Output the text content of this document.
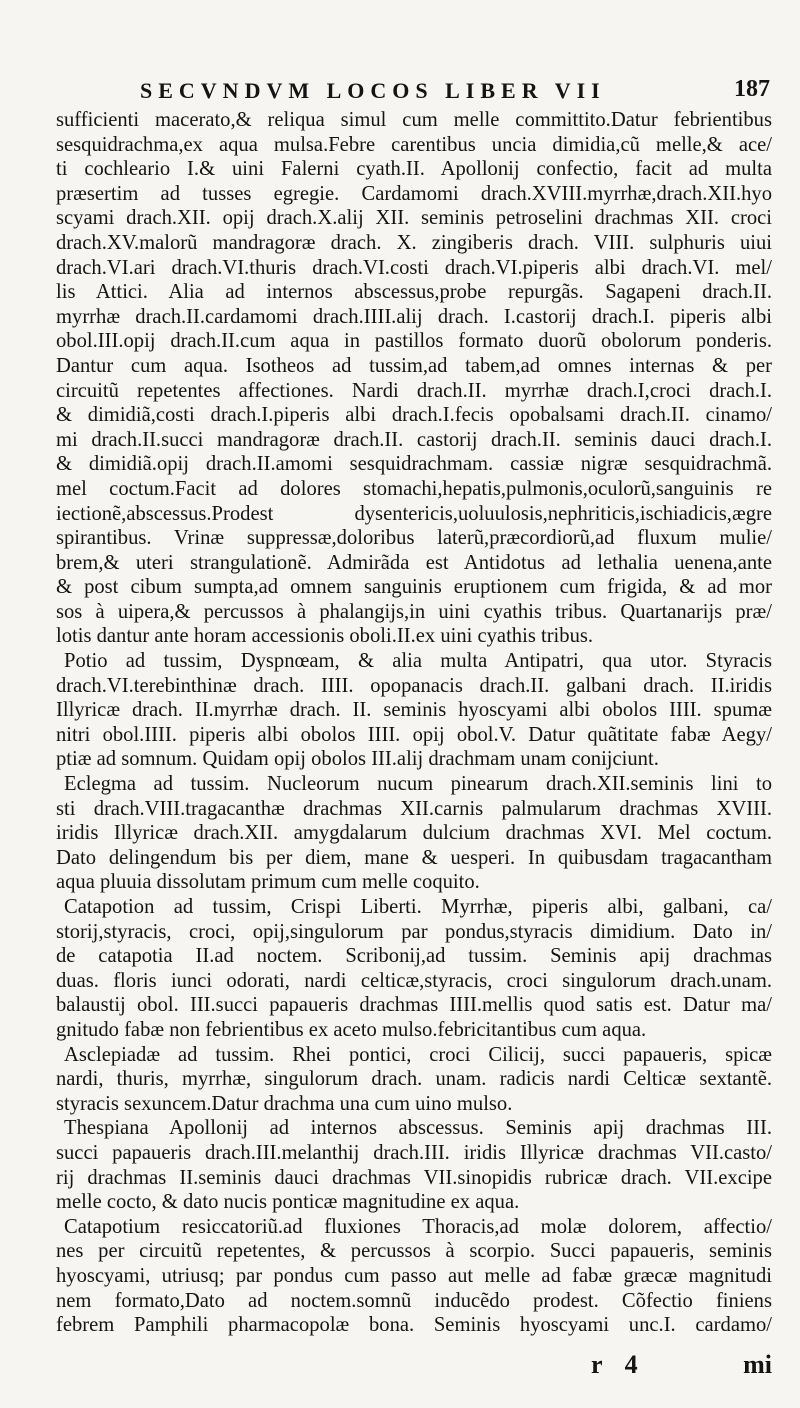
SECVNDVM LOCOS LIBER VII	187
sufficienti macerato,& reliqua simul cum melle committito.Datur febrientibus
sesquidrachma,ex aqua mulsa.Febre carentibus uncia dimidia,cũ melle,& ace/
ti cochleario I.& uini Falerni cyath.II. Apollonij confectio, facit ad multa
præsertim ad tusses egregie. Cardamomi drach.XVIII.myrrhæ,drach.XII.hyo
scyami drach.XII. opij drach.X.alij XII. seminis petroselini drachmas XII. croci
drach.XV.malorũ mandragoræ drach. X. zingiberis drach. VIII. sulphuris uiui
drach.VI.ari drach.VI.thuris drach.VI.costi drach.VI.piperis albi drach.VI. mel/
lis Attici. Alia ad internos abscessus,probe repurgãs. Sagapeni drach.II.
myrrhæ drach.II.cardamomi drach.IIII.alij drach. I.castorij drach.I. piperis albi
obol.III.opij drach.II.cum aqua in pastillos formato duorũ obolorum ponderis.
Dantur cum aqua. Isotheos ad tussim,ad tabem,ad omnes internas & per
circuitũ repetentes affectiones. Nardi drach.II. myrrhæ drach.I,croci drach.I.
& dimidiã,costi drach.I.piperis albi drach.I.fecis opobalsami drach.II. cinamo/
mi drach.II.succi mandragoræ drach.II. castorij drach.II. seminis dauci drach.I.
& dimidiã.opij drach.II.amomi sesquidrachmam. cassiæ nigræ sesquidrachmã.
mel coctum.Facit ad dolores stomachi,hepatis,pulmonis,oculorũ,sanguinis re
iectionẽ,abscessus.Prodest dysentericis,uoluulosis,nephriticis,ischiadicis,ægre
spirantibus. Vrinæ suppressæ,doloribus laterũ,præcordiorũ,ad fluxum mulie/
brem,& uteri strangulationẽ. Admirãda est Antidotus ad lethalia uenena,ante
& post cibum sumpta,ad omnem sanguinis eruptionem cum frigida, & ad mor
sos à uipera,& percussos à phalangijs,in uini cyathis tribus. Quartanarijs præ/
lotis dantur ante horam accessionis oboli.II.ex uini cyathis tribus.
Potio ad tussim, Dyspnœam, & alia multa Antipatri, qua utor. Styracis
drach.VI.terebinthinæ drach. IIII. opopanacis drach.II. galbani drach. II.iridis
Illyricæ drach. II.myrrhæ drach. II. seminis hyoscyami albi obolos IIII. spumæ
nitri obol.IIII. piperis albi obolos IIII. opij obol.V. Datur quãtitate fabæ Aegy/
ptiæ ad somnum. Quidam opij obolos III.alij drachmam unam conijciunt.
Eclegma ad tussim. Nucleorum nucum pinearum drach.XII.seminis lini to
sti drach.VIII.tragacanthæ drachmas XII.carnis palmularum drachmas XVIII.
iridis Illyricæ drach.XII. amygdalarum dulcium drachmas XVI. Mel coctum.
Dato delingendum bis per diem, mane & uesperi. In quibusdam tragacantham
aqua pluuia dissolutam primum cum melle coquito.
Catapotion ad tussim, Crispi Liberti. Myrrhæ, piperis albi, galbani, ca/
storij,styracis, croci, opij,singulorum par pondus,styracis dimidium. Dato in/
de catapotia II.ad noctem. Scribonij,ad tussim. Seminis apij drachmas
duas. floris iunci odorati, nardi celticæ,styracis, croci singulorum drach.unam.
balaustij obol. III.succi papaueris drachmas IIII.mellis quod satis est. Datur ma/
gnitudo fabæ non febrientibus ex aceto mulso.febricitantibus cum aqua.
Asclepiadæ ad tussim. Rhei pontici, croci Cilicij, succi papaueris, spicæ
nardi, thuris, myrrhæ, singulorum drach. unam. radicis nardi Celticæ sextantẽ.
styracis sexuncem.Datur drachma una cum uino mulso.
Thespiana Apollonij ad internos abscessus. Seminis apij drachmas III.
succi papaueris drach.III.melanthij drach.III. iridis Illyricæ drachmas VII.casto/
rij drachmas II.seminis dauci drachmas VII.sinopidis rubricæ drach. VII.excipe
melle cocto, & dato nucis ponticæ magnitudine ex aqua.
Catapotium resiccatoriũ.ad fluxiones Thoracis,ad molæ dolorem, affectio/
nes per circuitũ repetentes, & percussos à scorpio. Succi papaueris, seminis
hyoscyami, utriusq; par pondus cum passo aut melle ad fabæ græcæ magnitudi
nem formato,Dato ad noctem.somnũ inducẽdo prodest. Cõfectio finiens
febrem Pamphili pharmacopolæ bona. Seminis hyoscyami unc.I. cardamo/
r 4	mi
